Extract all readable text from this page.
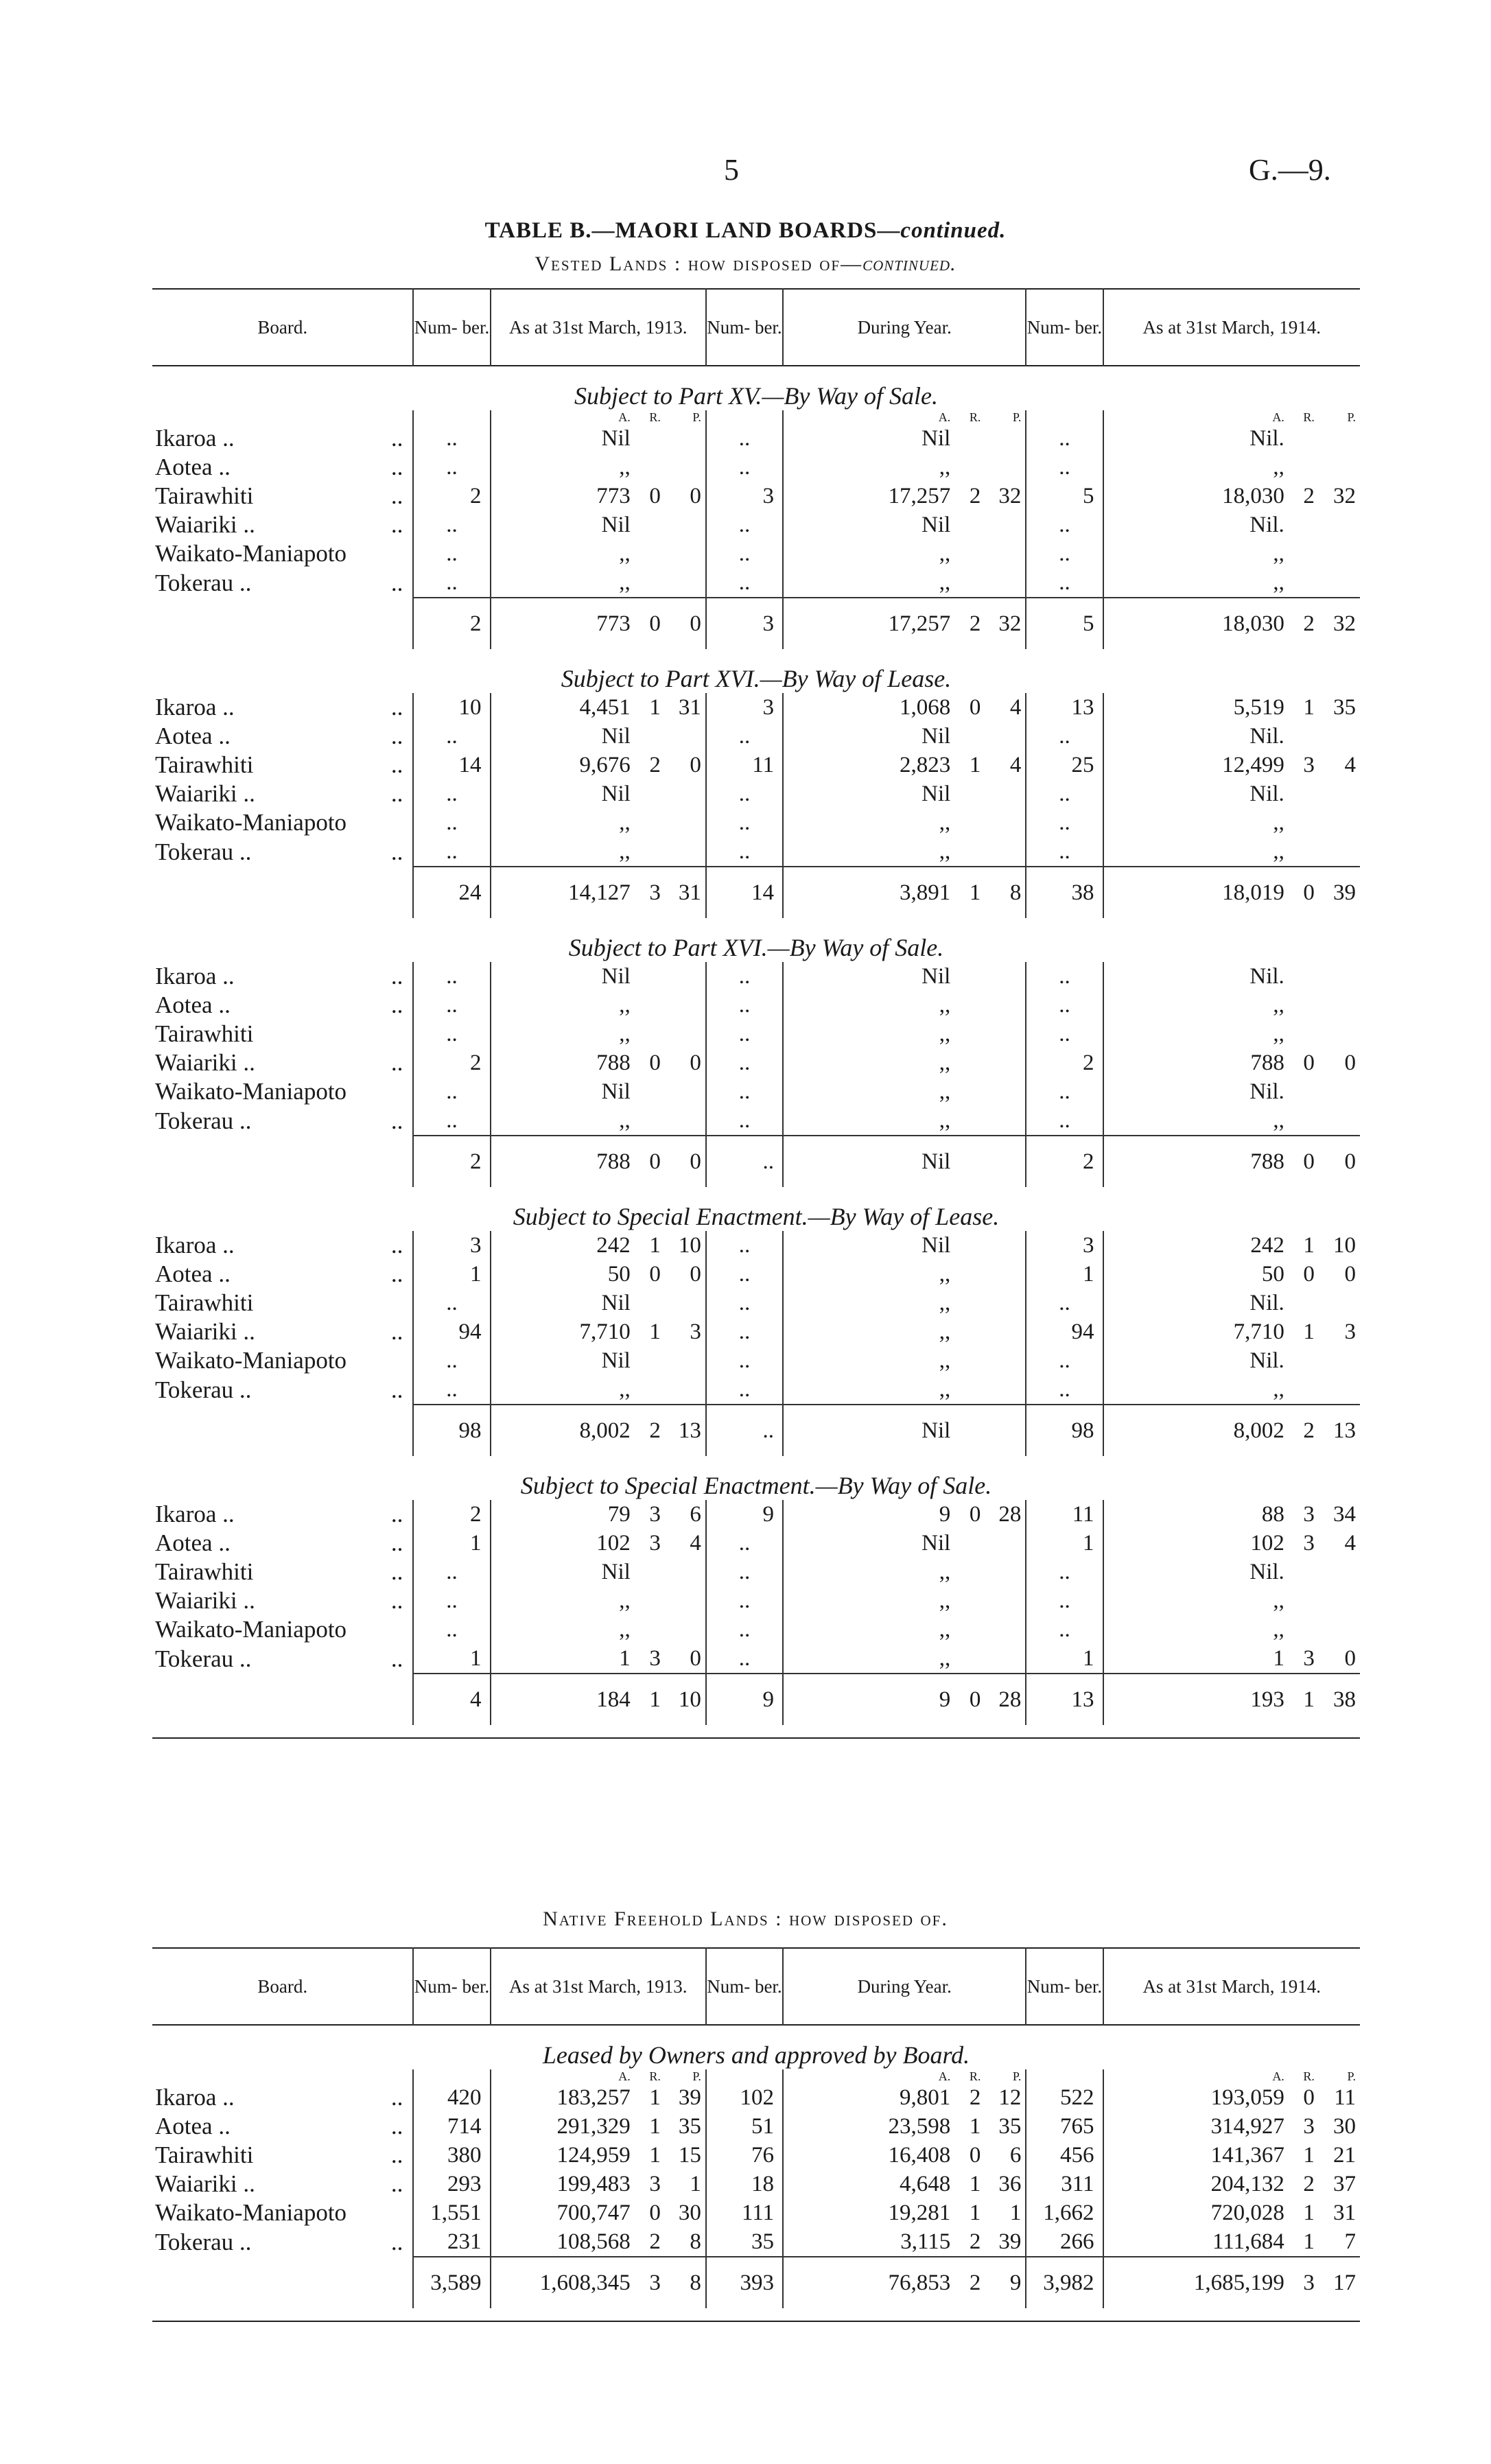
5	G.—9.
TABLE B.—MAORI LAND BOARDS—continued.
Vested Lands : how disposed of—continued.
Board.	Num- ber.	As at 31st March, 1913.			Num- ber.	During Year.			Num- ber.	As at 31st March, 1914.		
Subject to Part XV.—By Way of Sale.												
		A.	R.	P.		A.	R.	P.		A.	R.	P.
Ikaroa .. ..	..	Nil			..	Nil			..	Nil.		
Aotea .. ..	..	,,			..	,,			..	,,		
Tairawhiti ..	2	773	0	0	3	17,257	2	32	5	18,030	2	32
Waiariki .. ..	..	Nil			..	Nil			..	Nil.		
Waikato-Maniapoto	..	,,			..	,,			..	,,		
Tokerau .. ..	..	,,			..	,,			..	,,		
	2	773	0	0	3	17,257	2	32	5	18,030	2	32
Subject to Part XVI.—By Way of Lease.												
Ikaroa .. ..	10	4,451	1	31	3	1,068	0	4	13	5,519	1	35
Aotea .. ..	..	Nil			..	Nil			..	Nil.		
Tairawhiti ..	14	9,676	2	0	11	2,823	1	4	25	12,499	3	4
Waiariki .. ..	..	Nil			..	Nil			..	Nil.		
Waikato-Maniapoto	..	,,			..	,,			..	,,		
Tokerau .. ..	..	,,			..	,,			..	,,		
	24	14,127	3	31	14	3,891	1	8	38	18,019	0	39
Subject to Part XVI.—By Way of Sale.												
Ikaroa .. ..	..	Nil			..	Nil			..	Nil.		
Aotea .. ..	..	,,			..	,,			..	,,		
Tairawhiti	..	,,			..	,,			..	,,		
Waiariki .. ..	2	788	0	0	..	,,			2	788	0	0
Waikato-Maniapoto	..	Nil			..	,,			..	Nil.		
Tokerau .. ..	..	,,			..	,,			..	,,		
	2	788	0	0	..	Nil			2	788	0	0
Subject to Special Enactment.—By Way of Lease.												
Ikaroa .. ..	3	242	1	10	..	Nil			3	242	1	10
Aotea .. ..	1	50	0	0	..	,,			1	50	0	0
Tairawhiti	..	Nil			..	,,			..	Nil.		
Waiariki .. ..	94	7,710	1	3	..	,,			94	7,710	1	3
Waikato-Maniapoto	..	Nil			..	,,			..	Nil.		
Tokerau .. ..	..	,,			..	,,			..	,,		
	98	8,002	2	13	..	Nil			98	8,002	2	13
Subject to Special Enactment.—By Way of Sale.												
Ikaroa .. ..	2	79	3	6	9	9	0	28	11	88	3	34
Aotea .. ..	1	102	3	4	..	Nil			1	102	3	4
Tairawhiti ..	..	Nil			..	,,			..	Nil.		
Waiariki .. ..	..	,,			..	,,			..	,,		
Waikato-Maniapoto	..	,,			..	,,			..	,,		
Tokerau .. ..	1	1	3	0	..	,,			1	1	3	0
	4	184	1	10	9	9	0	28	13	193	1	38

Native Freehold Lands : how disposed of.
Board.	Num- ber.	As at 31st March, 1913.			Num- ber.	During Year.			Num- ber.	As at 31st March, 1914.		
Leased by Owners and approved by Board.												
		A.	R.	P.		A.	R.	P.		A.	R.	P.
Ikaroa .. ..	420	183,257	1	39	102	9,801	2	12	522	193,059	0	11
Aotea .. ..	714	291,329	1	35	51	23,598	1	35	765	314,927	3	30
Tairawhiti ..	380	124,959	1	15	76	16,408	0	6	456	141,367	1	21
Waiariki .. ..	293	199,483	3	1	18	4,648	1	36	311	204,132	2	37
Waikato-Maniapoto	1,551	700,747	0	30	111	19,281	1	1	1,662	720,028	1	31
Tokerau .. ..	231	108,568	2	8	35	3,115	2	39	266	111,684	1	7
	3,589	1,608,345	3	8	393	76,853	2	9	3,982	1,685,199	3	17
